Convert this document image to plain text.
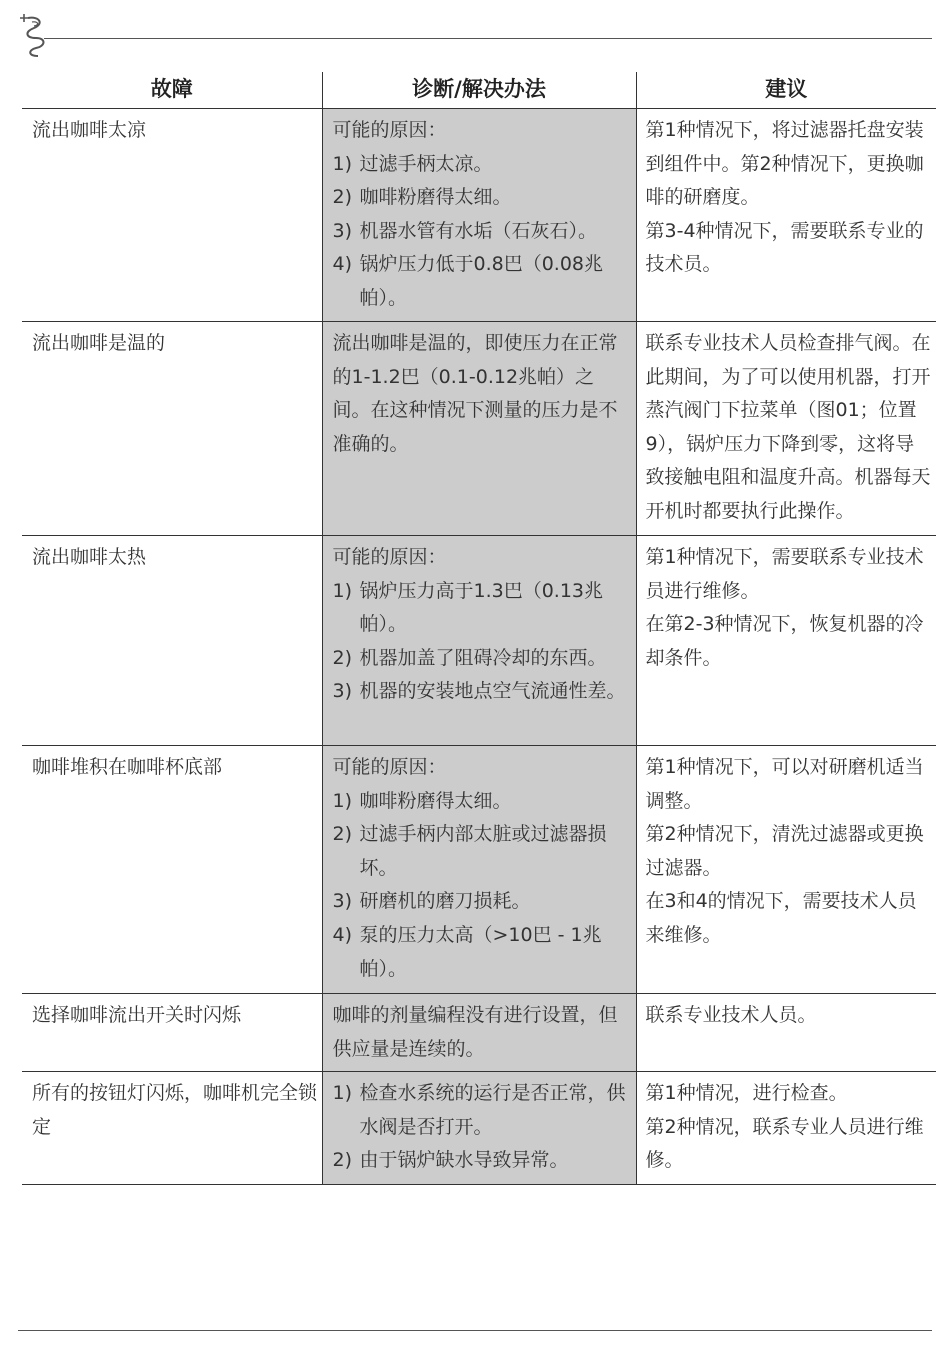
故障	诊断/解决办法	建议

流出咖啡太凉	可能的原因：
1) 过滤手柄太凉。
2) 咖啡粉磨得太细。
3) 机器水管有水垢（石灰石）。
4) 锅炉压力低于0.8巴（0.08兆帕）。	第1种情况下，将过滤器托盘安装到组件中。第2种情况下，更换咖啡的研磨度。
第3-4种情况下，需要联系专业的技术员。

流出咖啡是温的	流出咖啡是温的，即使压力在正常的1-1.2巴（0.1-0.12兆帕）之间。在这种情况下测量的压力是不准确的。	联系专业技术人员检查排气阀。在此期间，为了可以使用机器，打开蒸汽阀门下拉菜单（图01；位置9），锅炉压力下降到零，这将导致接触电阻和温度升高。机器每天开机时都要执行此操作。

流出咖啡太热	可能的原因：
1) 锅炉压力高于1.3巴（0.13兆帕）。
2) 机器加盖了阻碍冷却的东西。
3) 机器的安装地点空气流通性差。	第1种情况下，需要联系专业技术员进行维修。
在第2-3种情况下，恢复机器的冷却条件。

咖啡堆积在咖啡杯底部	可能的原因：
1) 咖啡粉磨得太细。
2) 过滤手柄内部太脏或过滤器损坏。
3) 研磨机的磨刀损耗。
4) 泵的压力太高（>10巴 - 1兆帕）。	第1种情况下，可以对研磨机适当调整。
第2种情况下，清洗过滤器或更换过滤器。
在3和4的情况下，需要技术人员来维修。

选择咖啡流出开关时闪烁	咖啡的剂量编程没有进行设置，但供应量是连续的。	联系专业技术人员。

所有的按钮灯闪烁，咖啡机完全锁定	1) 检查水系统的运行是否正常，供水阀是否打开。
2) 由于锅炉缺水导致异常。	第1种情况，进行检查。
第2种情况，联系专业人员进行维修。
